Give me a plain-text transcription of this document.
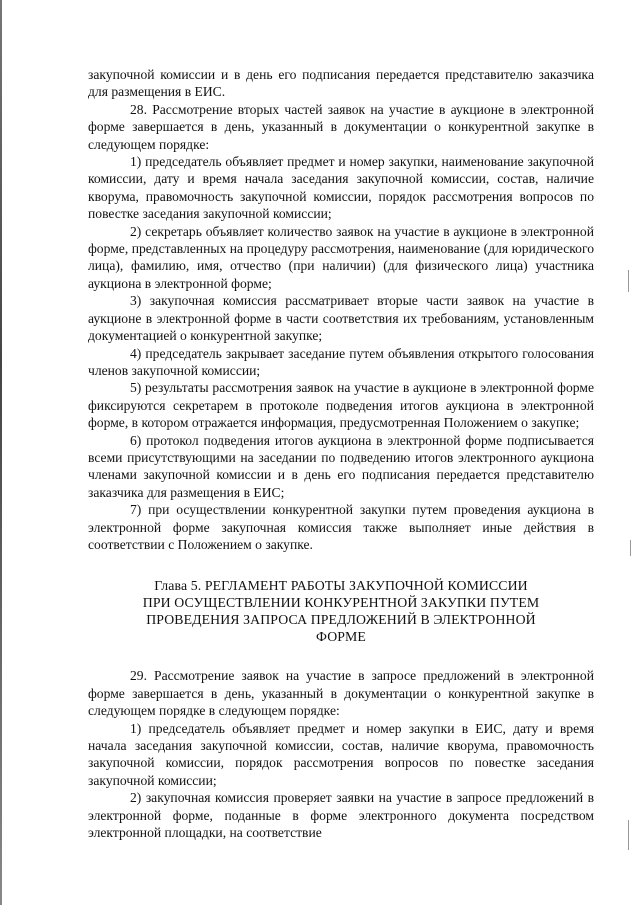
закупочной комиссии и в день его подписания передается представителю заказчика для размещения в ЕИС.

28. Рассмотрение вторых частей заявок на участие в аукционе в электронной форме завершается в день, указанный в документации о конкурентной закупке в следующем порядке:

1) председатель объявляет предмет и номер закупки, наименование закупочной комиссии, дату и время начала заседания закупочной комиссии, состав, наличие кворума, правомочность закупочной комиссии, порядок рассмотрения вопросов по повестке заседания закупочной комиссии;

2) секретарь объявляет количество заявок на участие в аукционе в электронной форме, представленных на процедуру рассмотрения, наименование (для юридического лица), фамилию, имя, отчество (при наличии) (для физического лица) участника аукциона в электронной форме;

3) закупочная комиссия рассматривает вторые части заявок на участие в аукционе в электронной форме в части соответствия их требованиям, установленным документацией о конкурентной закупке;

4) председатель закрывает заседание путем объявления открытого голосования членов закупочной комиссии;

5) результаты рассмотрения заявок на участие в аукционе в электронной форме фиксируются секретарем в протоколе подведения итогов аукциона в электронной форме, в котором отражается информация, предусмотренная Положением о закупке;

6) протокол подведения итогов аукциона в электронной форме подписывается всеми присутствующими на заседании по подведению итогов электронного аукциона членами закупочной комиссии и в день его подписания передается представителю заказчика для размещения в ЕИС;

7) при осуществлении конкурентной закупки путем проведения аукциона в электронной форме закупочная комиссия также выполняет иные действия в соответствии с Положением о закупке.

Глава 5. РЕГЛАМЕНТ РАБОТЫ ЗАКУПОЧНОЙ КОМИССИИ
ПРИ ОСУЩЕСТВЛЕНИИ КОНКУРЕНТНОЙ ЗАКУПКИ ПУТЕМ
ПРОВЕДЕНИЯ ЗАПРОСА ПРЕДЛОЖЕНИЙ В ЭЛЕКТРОННОЙ
ФОРМЕ

29. Рассмотрение заявок на участие в запросе предложений в электронной форме завершается в день, указанный в документации о конкурентной закупке в следующем порядке в следующем порядке:

1) председатель объявляет предмет и номер закупки в ЕИС, дату и время начала заседания закупочной комиссии, состав, наличие кворума, правомочность закупочной комиссии, порядок рассмотрения вопросов по повестке заседания закупочной комиссии;

2) закупочная комиссия проверяет заявки на участие в запросе предложений в электронной форме, поданные в форме электронного документа посредством электронной площадки, на соответствие
